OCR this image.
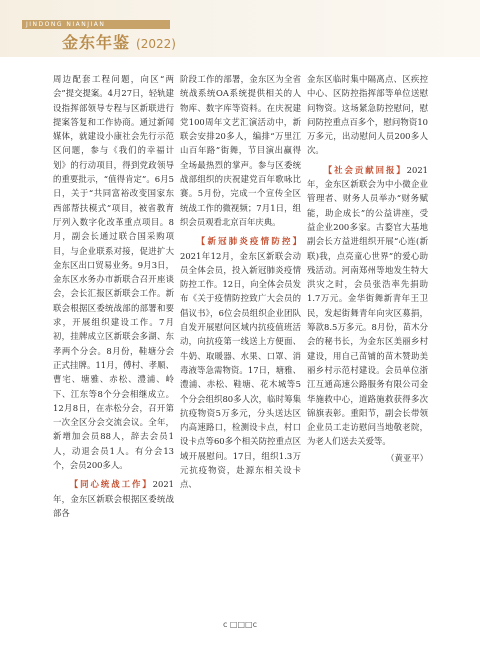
JINDONG NIANJIAN
金东年鉴 (2022)

周边配套工程问题，向区“两会”提交提案。4月27日，轻轨建设指挥部领导专程与区新联进行提案答复和工作协商。通过新闻媒体，就建设小康社会先行示范区问题，参与《我们的幸福计划》的行动项目，得到党政领导的重要批示，“值得肯定”。6月5日，关于“共同富裕改变国家东西部帮扶模式”项目，被省教育厅列入数字化改革重点项目。8月，副会长通过联合国采购项目，与企业联系对接，促进扩大金东区出口贸易业务。9月3日，金东区水务办市新联合召开座谈会，会长汇报区新联会工作。新联会根据区委统战部的部署和要求，开展组织建设工作。7月初，挂牌成立区新联会多湖、东孝两个分会。8月份，鞋塘分会正式挂牌。11月，傅村、孝顺、曹宅、塘雅、赤松、澧浦、岭下、江东等8个分会相继成立。12月8日，在赤松分会，召开第一次全区分会交流会议。全年，新增加会员88人，辞去会员1人，动退会员1人。有分会13个，会员200多人。

【同心统战工作】2021年，金东区新联会根据区委统战部各

阶段工作的部署，金东区为全省统战系统OA系统提供相关的人物库、数字库等资料。在庆祝建党100周年文艺汇演活动中，新联会安排20多人，编排“万里江山百年路”街舞，节目演出赢得全场最热烈的掌声。参与区委统战部组织的庆祝建党百年歌咏比赛。5月份，完成一个宣传全区统战工作的微视频；7月1日，组织会员观看北京百年庆典。

【新冠肺炎疫情防控】2021年12月，金东区新联会动员全体会员，投入新冠肺炎疫情防控工作。12日，向全体会员发布《关于疫情防控致广大会员的倡议书》，6位会员组织企业团队自发开展慰问区域内抗疫值班活动，向抗疫第一线送上方便面、牛奶、取暖器、水果、口罩、消毒液等急需物资。17日，塘雅、澧浦、赤松、鞋塘、花木城等5个分会组织80多人次，临时筹集抗疫物资5万多元，分头送达区内高速路口，检测设卡点，村口设卡点等60多个相关防控重点区域开展慰问。17日，组织1.3万元抗疫物资，赴源东相关设卡点、

金东区临时集中隔离点、区疾控中心、区防控指挥部等单位送慰问物资。这场紧急防控慰问，慰问防控重点百多个，慰问物资10万多元，出动慰问人员200多人次。

【社会贡献回报】2021年，金东区新联会为中小微企业管理者、财务人员举办“财务赋能，助企成长”的公益讲座，受益企业200多家。古婺官大基地副会长方益进组织开展“心连(新联)我，点亮童心世界”的爱心助残活动。河南郑州等地发生特大洪灾之时，会员张浩率先捐助1.7万元。金华街舞新青年王卫民，发起街舞青年向灾区募捐，筹款8.5万多元。8月份，苗木分会的秘书长，为金东区美丽乡村建设，用自己苗铺的苗木赞助美丽乡村示范村建设。会员单位浙江互通高速公路服务有限公司金华施救中心，道路施救获得多次锦旗表彰。重阳节，副会长带领企业员工走访慰问当地敬老院，为老人们送去关爱等。

（黄亚平）
c □□□c
